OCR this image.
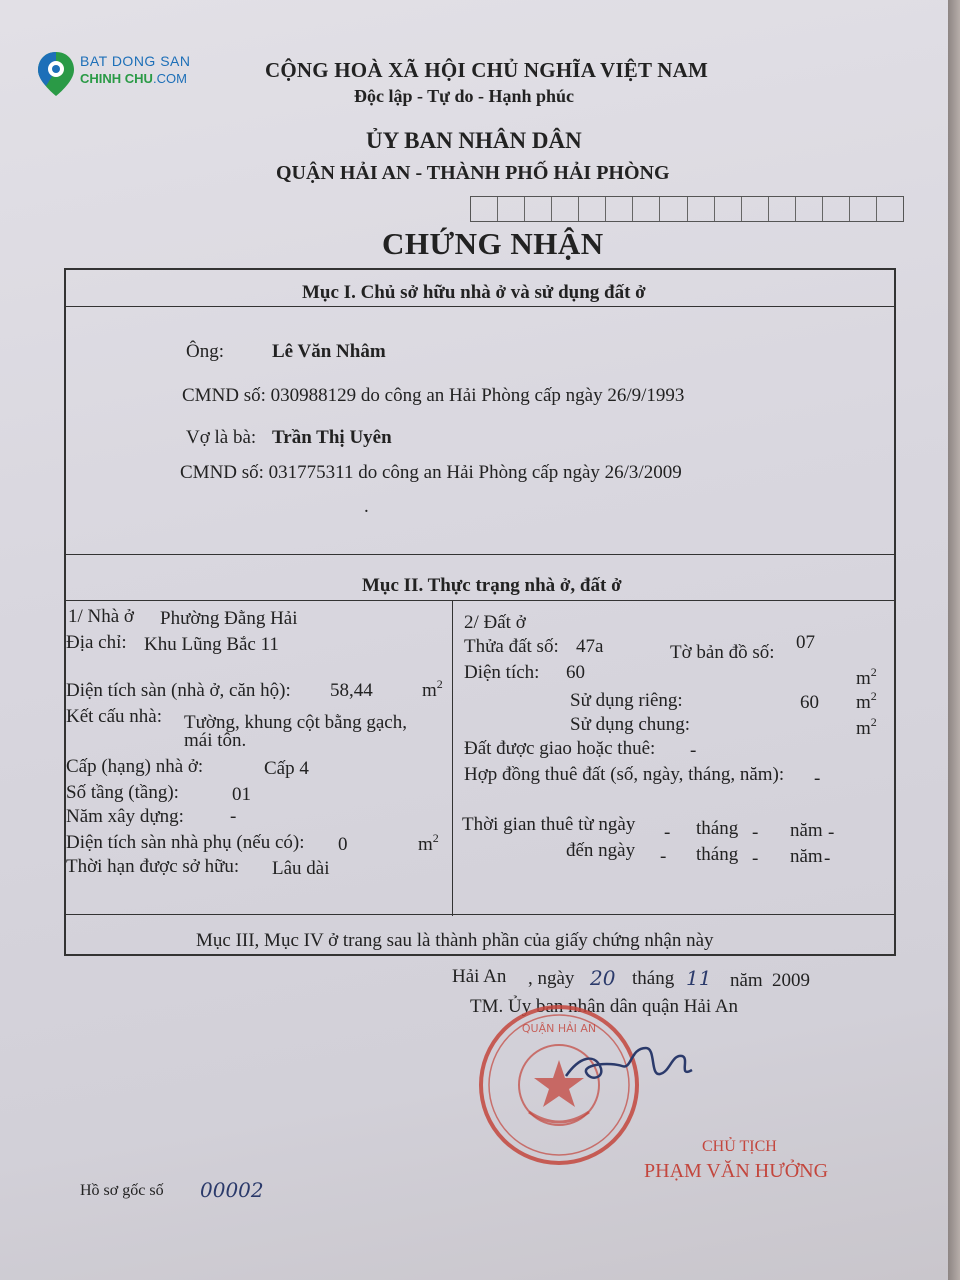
BAT DONG SAN
CHINH CHU.COM	CỘNG HOÀ XÃ HỘI CHỦ NGHĨA VIỆT NAM
Độc lập - Tự do - Hạnh phúc
ỦY BAN NHÂN DÂN
QUẬN HẢI AN - THÀNH PHỐ HẢI PHÒNG
CHỨNG NHẬN
Mục I. Chủ sở hữu nhà ở và sử dụng đất ở
Ông:	Lê Văn Nhâm
CMND số: 030988129 do công an Hải Phòng cấp ngày 26/9/1993
Vợ là bà: Trần Thị Uyên
CMND số: 031775311 do công an Hải Phòng cấp ngày 26/3/2009
.
Mục II. Thực trạng nhà ở, đất ở
1/ Nhà ở Phường Đằng Hải
Địa chỉ: Khu Lũng Bắc 11
Diện tích sàn (nhà ở, căn hộ): 58,44	$m^2$
Kết cấu nhà: Tường, khung cột bằng gạch,
mái tôn.
Cấp (hạng) nhà ở:	Cấp 4
Số tầng (tầng):	01
Năm xây dựng: -
Diện tích sàn nhà phụ (nếu có): 0	$m^2$
Thời hạn được sở hữu: Lâu dài
2/ Đất ở
Thửa đất số: 47a	Tờ bản đồ số: 07
Diện tích: 60	$m^2$
Sử dụng riêng:	60 $m^2$
Sử dụng chung:	$m^2$
Đất được giao hoặc thuê: -
Hợp đồng thuê đất (số, ngày, tháng, năm): -
Thời gian thuê từ ngày - tháng - năm -
đến ngày - tháng - năm -
Mục III, Mục IV ở trang sau là thành phần của giấy chứng nhận này
Hải An , ngày 20 tháng 11 năm 2009
TM. Ủy ban nhân dân quận Hải An
QUẬN HẢI AN
CHỦ TỊCH
PHẠM VĂN HƯỞNG
Hồ sơ gốc số 00002
